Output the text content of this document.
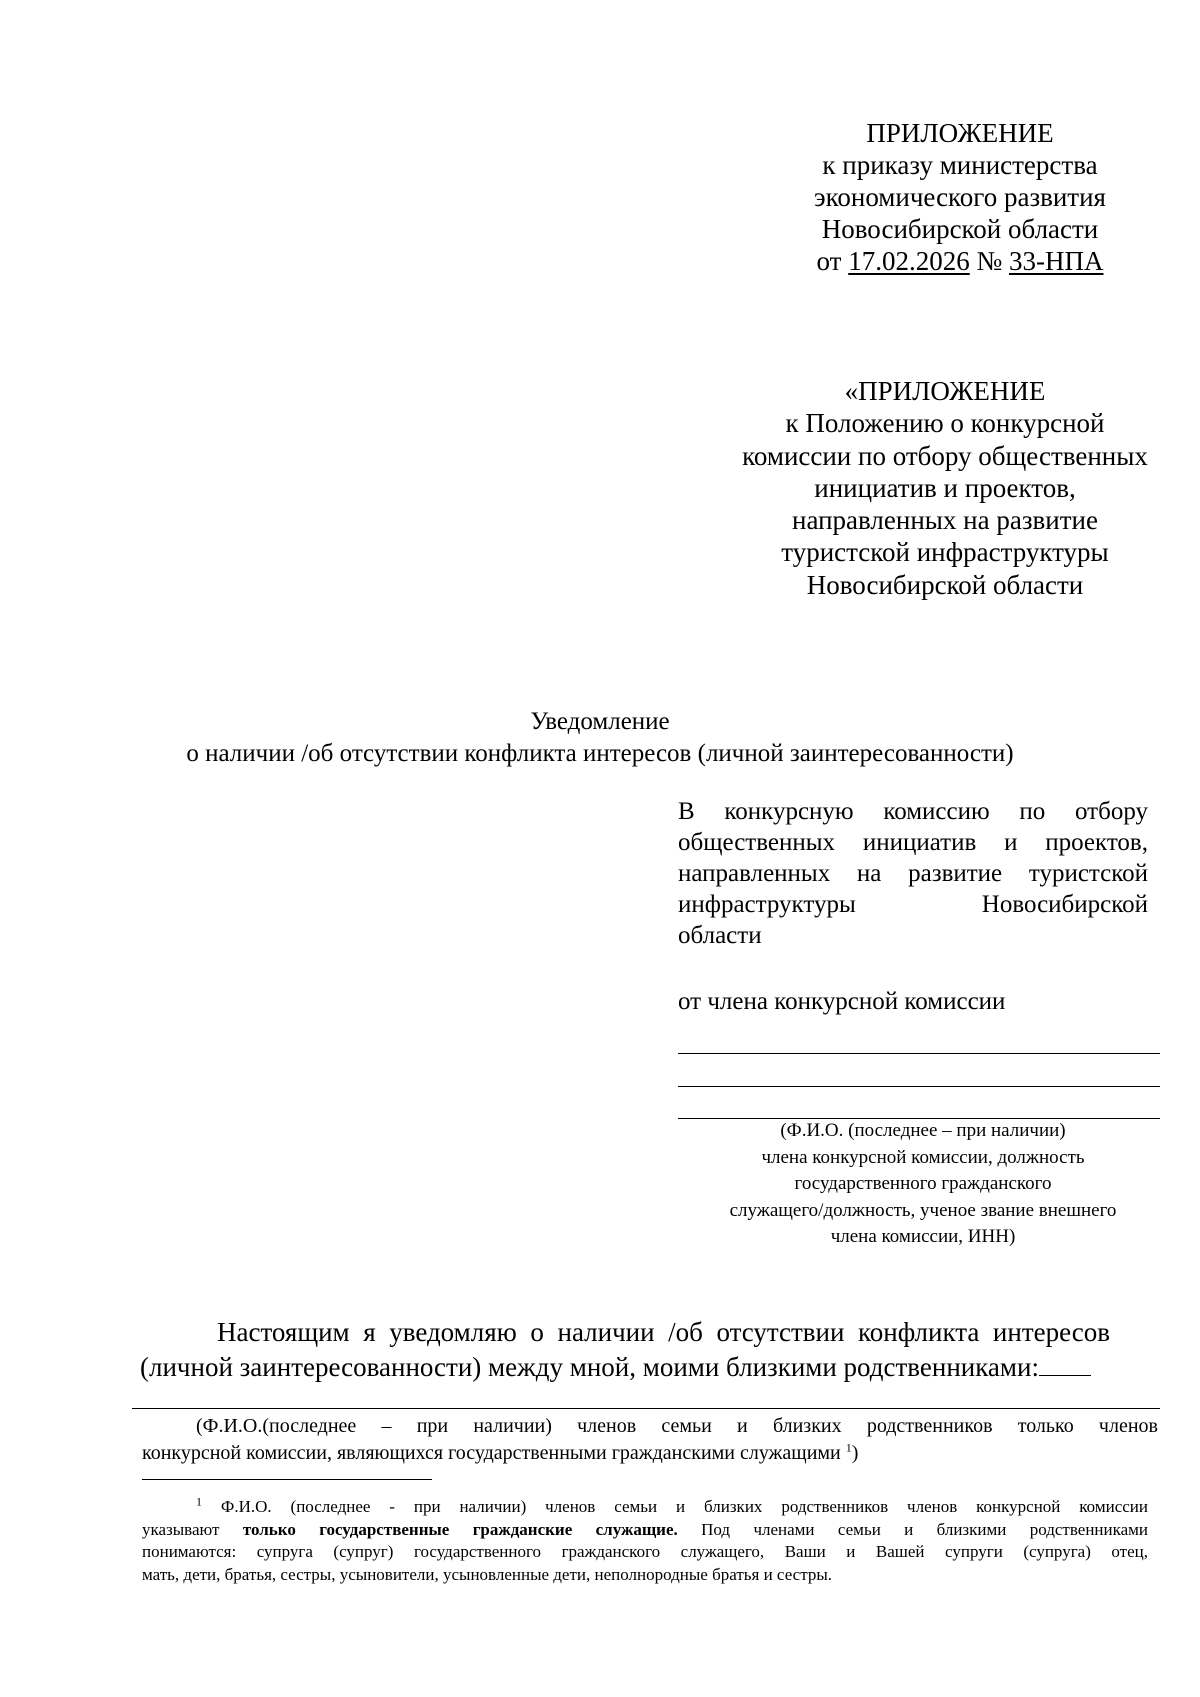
ПРИЛОЖЕНИЕ
к приказу министерства
экономического развития
Новосибирской области
от 17.02.2026 № 33-НПА
«ПРИЛОЖЕНИЕ
к Положению о конкурсной
комиссии по отбору общественных
инициатив и проектов,
направленных на развитие
туристской инфраструктуры
Новосибирской области
Уведомление
о наличии /об отсутствии конфликта интересов (личной заинтересованности)
В конкурсную комиссию по отбору
общественных инициатив и проектов,
направленных на развитие туристской
инфраструктуры Новосибирской
области
от члена конкурсной комиссии
(Ф.И.О. (последнее – при наличии)
члена конкурсной комиссии, должность
государственного гражданского
служащего/должность, ученое звание внешнего
члена комиссии, ИНН)
Настоящим я уведомляю о наличии /об отсутствии конфликта интересов
(личной заинтересованности) между мной, моими близкими родственниками:
(Ф.И.О.(последнее – при наличии) членов семьи и близких родственников только членов
конкурсной комиссии, являющихся государственными гражданскими служащими $^1$)
$^1$ Ф.И.О. (последнее - при наличии) членов семьи и близких родственников членов конкурсной комиссии
указывают только государственные гражданские служащие. Под членами семьи и близкими родственниками
понимаются: супруга (супруг) государственного гражданского служащего, Ваши и Вашей супруги (супруга) отец,
мать, дети, братья, сестры, усыновители, усыновленные дети, неполнородные братья и сестры.
